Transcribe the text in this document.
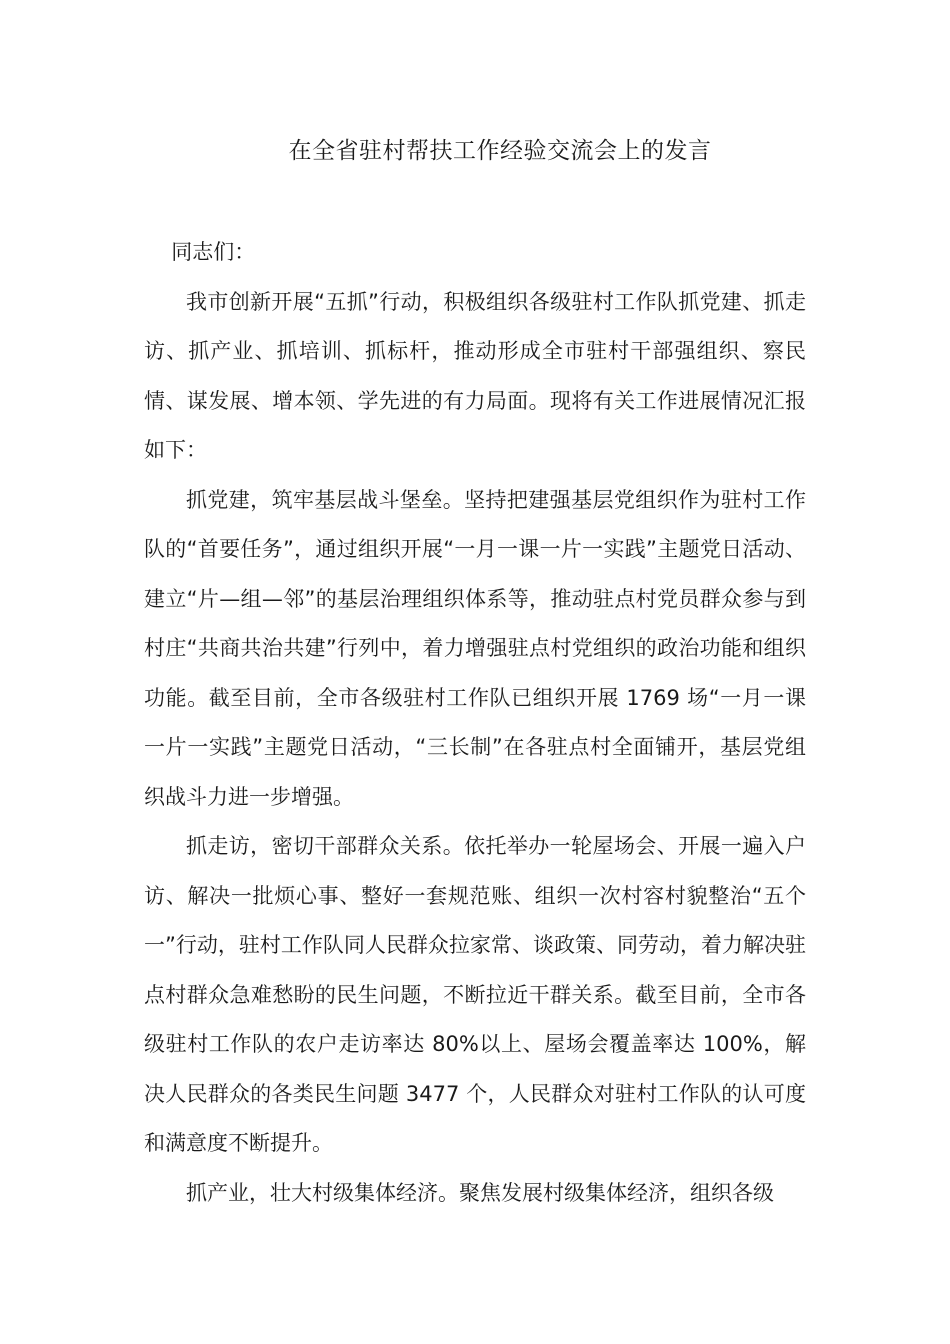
在全省驻村帮扶工作经验交流会上的发言

同志们：

我市创新开展“五抓”行动，积极组织各级驻村工作队抓党建、抓走访、抓产业、抓培训、抓标杆，推动形成全市驻村干部强组织、察民情、谋发展、增本领、学先进的有力局面。现将有关工作进展情况汇报如下：

抓党建，筑牢基层战斗堡垒。坚持把建强基层党组织作为驻村工作队的“首要任务”，通过组织开展“一月一课一片一实践”主题党日活动、建立“片—组—邻”的基层治理组织体系等，推动驻点村党员群众参与到村庄“共商共治共建”行列中，着力增强驻点村党组织的政治功能和组织功能。截至目前，全市各级驻村工作队已组织开展 1769 场“一月一课一片一实践”主题党日活动，“三长制”在各驻点村全面铺开，基层党组织战斗力进一步增强。

抓走访，密切干部群众关系。依托举办一轮屋场会、开展一遍入户访、解决一批烦心事、整好一套规范账、组织一次村容村貌整治“五个一”行动，驻村工作队同人民群众拉家常、谈政策、同劳动，着力解决驻点村群众急难愁盼的民生问题，不断拉近干群关系。截至目前，全市各级驻村工作队的农户走访率达 80%以上、屋场会覆盖率达 100%，解决人民群众的各类民生问题 3477 个，人民群众对驻村工作队的认可度和满意度不断提升。

抓产业，壮大村级集体经济。聚焦发展村级集体经济，组织各级
